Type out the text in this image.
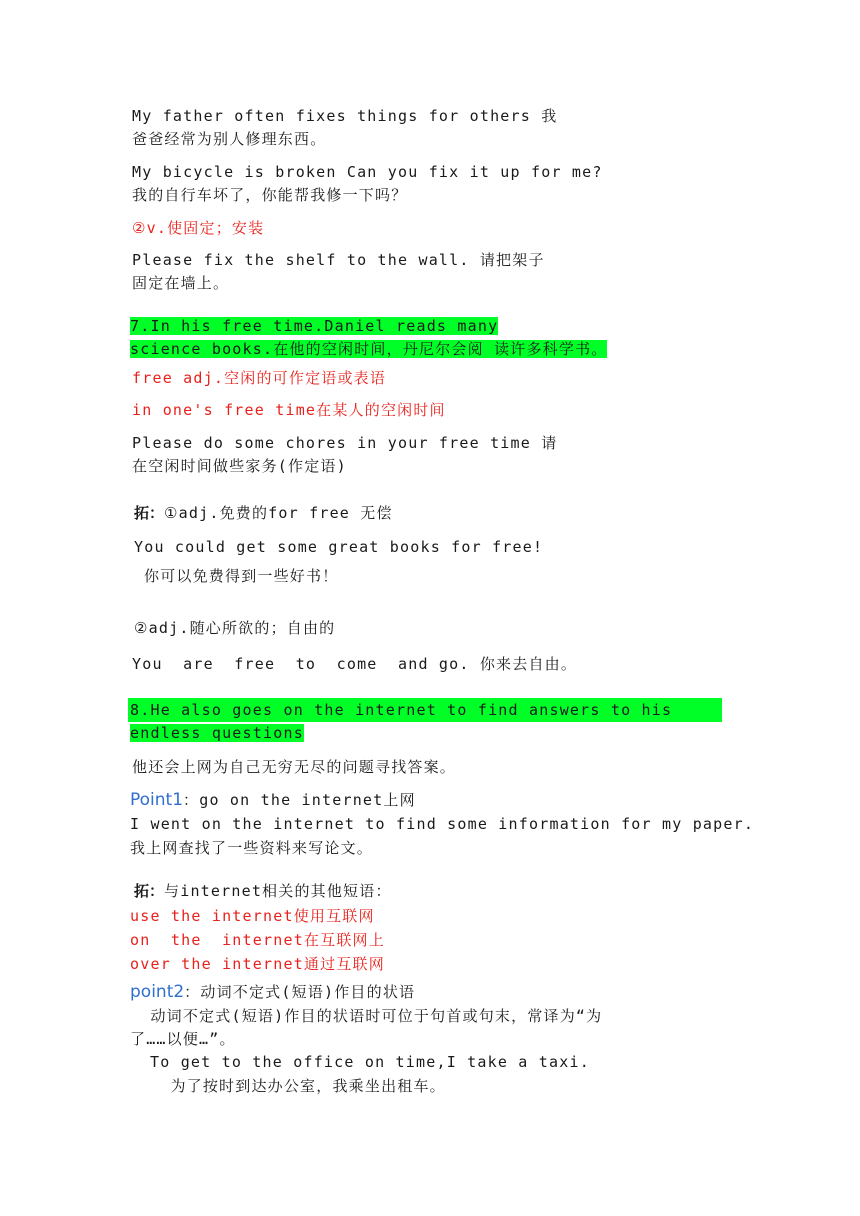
My father often fixes things for others 我
爸爸经常为别人修理东西。
My bicycle is broken Can you fix it up for me?
我的自行车坏了，你能帮我修一下吗？
②v.使固定；安装
Please fix the shelf to the wall. 请把架子
固定在墙上。
7.In his free time.Daniel reads many
science books.在他的空闲时间，丹尼尔会阅 读许多科学书。
free adj.空闲的可作定语或表语
in one's free time在某人的空闲时间
Please do some chores in your free time 请
在空闲时间做些家务(作定语)
拓：①adj.免费的for free 无偿
You could get some great books for free!
你可以免费得到一些好书！
②adj.随心所欲的；自由的
You  are  free  to  come  and go. 你来去自由。
8.He also goes on the internet to find answers to his
endless questions
他还会上网为自己无穷无尽的问题寻找答案。
Point1：go on the internet上网
I went on the internet to find some information for my paper.
我上网查找了一些资料来写论文。
拓：与internet相关的其他短语：
use the internet使用互联网
on  the  internet在互联网上
over the internet通过互联网
point2：动词不定式(短语)作目的状语
动词不定式(短语)作目的状语时可位于句首或句末，常译为“为
了……以便…”。
To get to the office on time,I take a taxi.
为了按时到达办公室，我乘坐出租车。
